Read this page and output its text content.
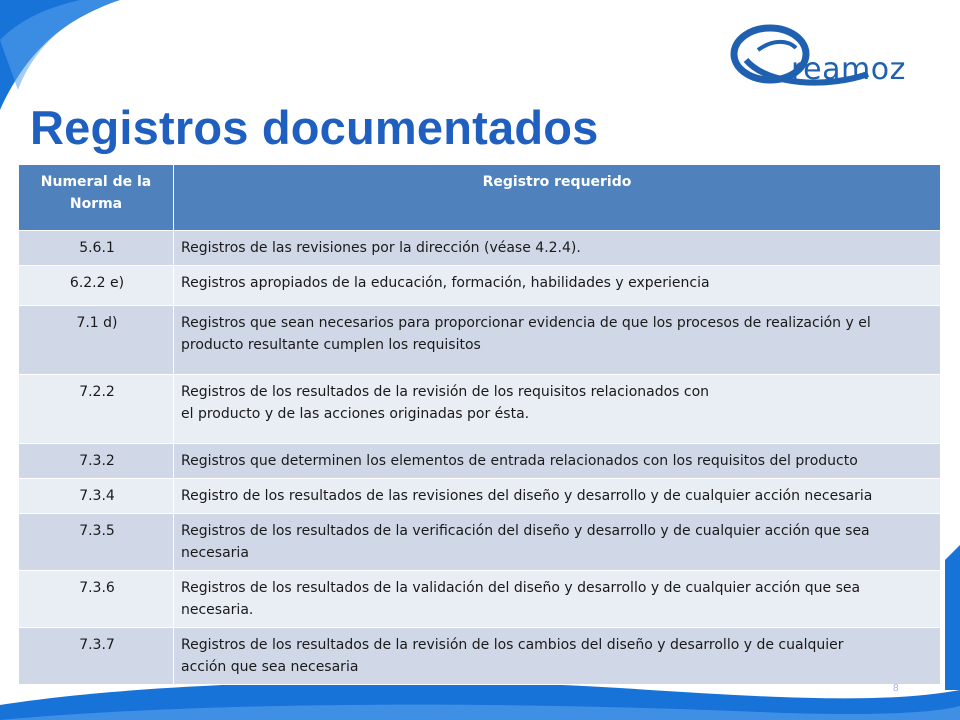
reamoz
Registros documentados
Numeral de la Norma	Registro requerido
5.6.1	Registros de las revisiones por la dirección (véase 4.2.4).

6.2.2 e)	Registros apropiados de la educación, formación, habilidades y experiencia

7.1 d)	Registros que sean necesarios para proporcionar evidencia de que los procesos de realización y el
producto resultante cumplen los requisitos

7.2.2	Registros de los resultados de la revisión de los requisitos relacionados con
el producto y de las acciones originadas por ésta.

7.3.2	Registros que determinen los elementos de entrada relacionados con los requisitos del producto

7.3.4	Registro de los resultados de las revisiones del diseño y desarrollo y de cualquier acción necesaria

7.3.5	Registros de los resultados de la verificación del diseño y desarrollo y de cualquier acción que sea
necesaria

7.3.6	Registros de los resultados de la validación del diseño y desarrollo y de cualquier acción que sea
necesaria.

7.3.7	Registros de los resultados de la revisión de los cambios del diseño y desarrollo y de cualquier
acción que sea necesaria
8
